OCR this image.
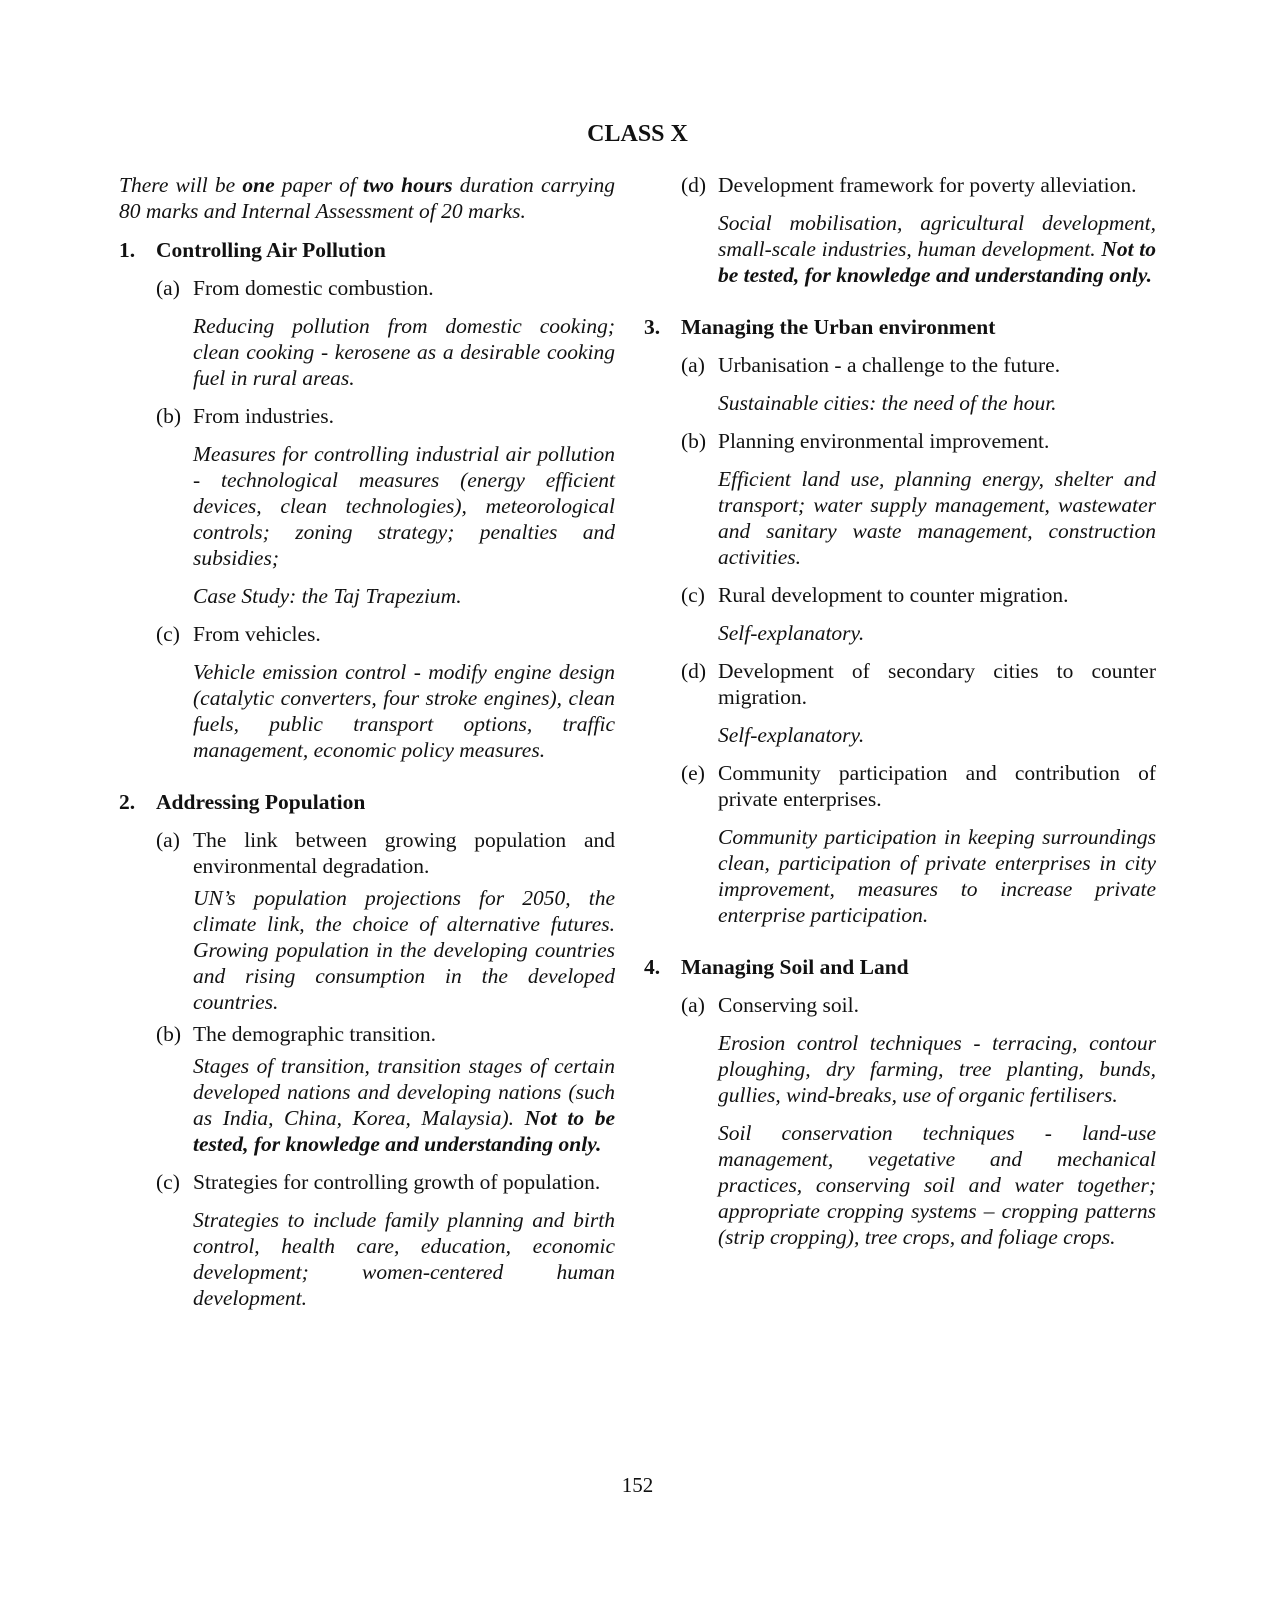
CLASS X
There will be one paper of two hours duration carrying 80 marks and Internal Assessment of 20 marks.
1. Controlling Air Pollution
(a) From domestic combustion.
Reducing pollution from domestic cooking; clean cooking - kerosene as a desirable cooking fuel in rural areas.
(b) From industries.
Measures for controlling industrial air pollution - technological measures (energy efficient devices, clean technologies), meteorological controls; zoning strategy; penalties and subsidies;
Case Study: the Taj Trapezium.
(c) From vehicles.
Vehicle emission control - modify engine design (catalytic converters, four stroke engines), clean fuels, public transport options, traffic management, economic policy measures.
2. Addressing Population
(a) The link between growing population and environmental degradation.
UN’s population projections for 2050, the climate link, the choice of alternative futures. Growing population in the developing countries and rising consumption in the developed countries.
(b) The demographic transition.
Stages of transition, transition stages of certain developed nations and developing nations (such as India, China, Korea, Malaysia). Not to be tested, for knowledge and understanding only.
(c) Strategies for controlling growth of population.
Strategies to include family planning and birth control, health care, education, economic development; women-centered human development.
(d) Development framework for poverty alleviation.
Social mobilisation, agricultural development, small-scale industries, human development. Not to be tested, for knowledge and understanding only.
3. Managing the Urban environment
(a) Urbanisation - a challenge to the future.
Sustainable cities: the need of the hour.
(b) Planning environmental improvement.
Efficient land use, planning energy, shelter and transport; water supply management, wastewater and sanitary waste management, construction activities.
(c) Rural development to counter migration.
Self-explanatory.
(d) Development of secondary cities to counter migration.
Self-explanatory.
(e) Community participation and contribution of private enterprises.
Community participation in keeping surroundings clean, participation of private enterprises in city improvement, measures to increase private enterprise participation.
4. Managing Soil and Land
(a) Conserving soil.
Erosion control techniques - terracing, contour ploughing, dry farming, tree planting, bunds, gullies, wind-breaks, use of organic fertilisers.
Soil conservation techniques - land-use management, vegetative and mechanical practices, conserving soil and water together; appropriate cropping systems – cropping patterns (strip cropping), tree crops, and foliage crops.
152
